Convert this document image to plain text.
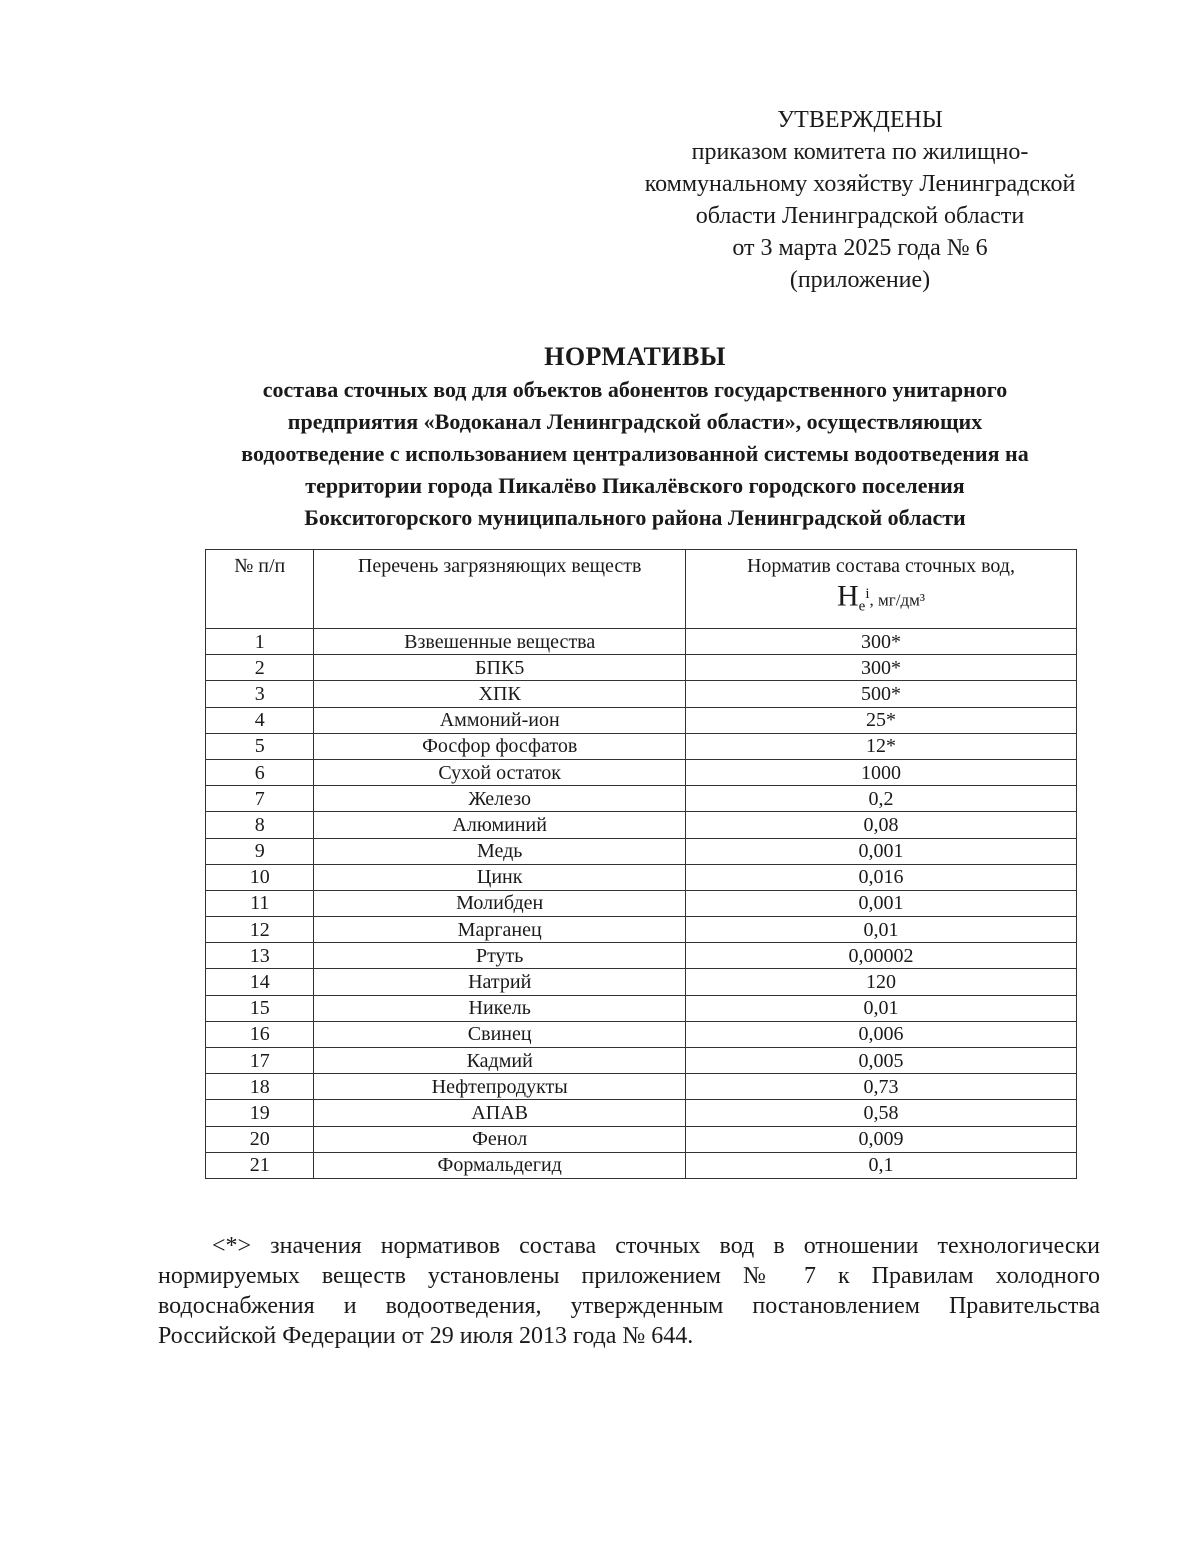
УТВЕРЖДЕНЫ
приказом комитета по жилищно-
коммунальному хозяйству Ленинградской
области Ленинградской области
от 3 марта 2025 года № 6
(приложение)
НОРМАТИВЫ
состава сточных вод для объектов абонентов государственного унитарного
предприятия «Водоканал Ленинградской области», осуществляющих
водоотведение с использованием централизованной системы водоотведения на
территории города Пикалёво Пикалёвского городского поселения
Бокситогорского муниципального района Ленинградской области
№ п/п	Перечень загрязняющих веществ	Норматив состава сточных вод,
$Н_е^i$, мг/дм³

1	Взвешенные вещества	300*
2	БПК5	300*
3	ХПК	500*
4	Аммоний-ион	25*
5	Фосфор фосфатов	12*
6	Сухой остаток	1000
7	Железо	0,2
8	Алюминий	0,08
9	Медь	0,001
10	Цинк	0,016
11	Молибден	0,001
12	Марганец	0,01
13	Ртуть	0,00002
14	Натрий	120
15	Никель	0,01
16	Свинец	0,006
17	Кадмий	0,005
18	Нефтепродукты	0,73
19	АПАВ	0,58
20	Фенол	0,009
21	Формальдегид	0,1

<*> значения нормативов состава сточных вод в отношении технологически нормируемых веществ установлены приложением № 7 к Правилам холодного водоснабжения и водоотведения, утвержденным постановлением Правительства Российской Федерации от 29 июля 2013 года № 644.
